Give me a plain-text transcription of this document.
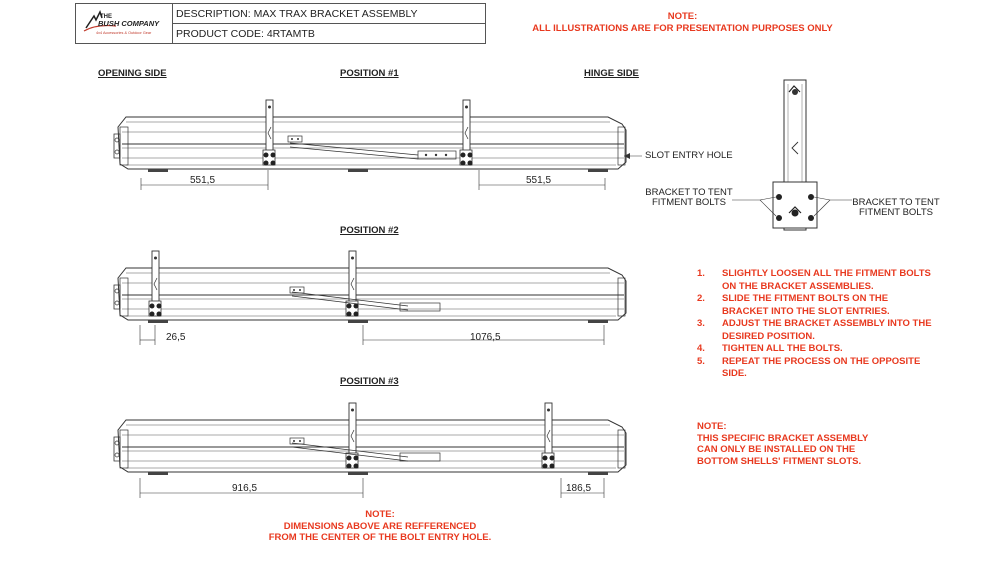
THE
BUSH COMPANY
4x4 Accessories & Outdoor Gear
DESCRIPTION: MAX TRAX BRACKET ASSEMBLY
PRODUCT CODE: 4RTAMTB
NOTE:
ALL ILLUSTRATIONS ARE FOR PRESENTATION PURPOSES ONLY
OPENING SIDE	POSITION #1	HINGE SIDE
POSITION #2
POSITION #3
551,5	551,5
26,5	1076,5
916,5	186,5
SLOT ENTRY HOLE
BRACKET TO TENT
FITMENT BOLTS	BRACKET TO TENT
FITMENT BOLTS
1. SLIGHTLY LOOSEN ALL THE FITMENT BOLTS ON THE BRACKET ASSEMBLIES.
2. SLIDE THE FITMENT BOLTS ON THE BRACKET INTO THE SLOT ENTRIES.
3. ADJUST THE BRACKET ASSEMBLY INTO THE DESIRED POSITION.
4. TIGHTEN ALL THE BOLTS.
5. REPEAT THE PROCESS ON THE OPPOSITE SIDE.
NOTE:
THIS SPECIFIC BRACKET ASSEMBLY
CAN ONLY BE INSTALLED ON THE
BOTTOM SHELLS' FITMENT SLOTS.
NOTE:
DIMENSIONS ABOVE ARE REFFERENCED
FROM THE CENTER OF THE BOLT ENTRY HOLE.
